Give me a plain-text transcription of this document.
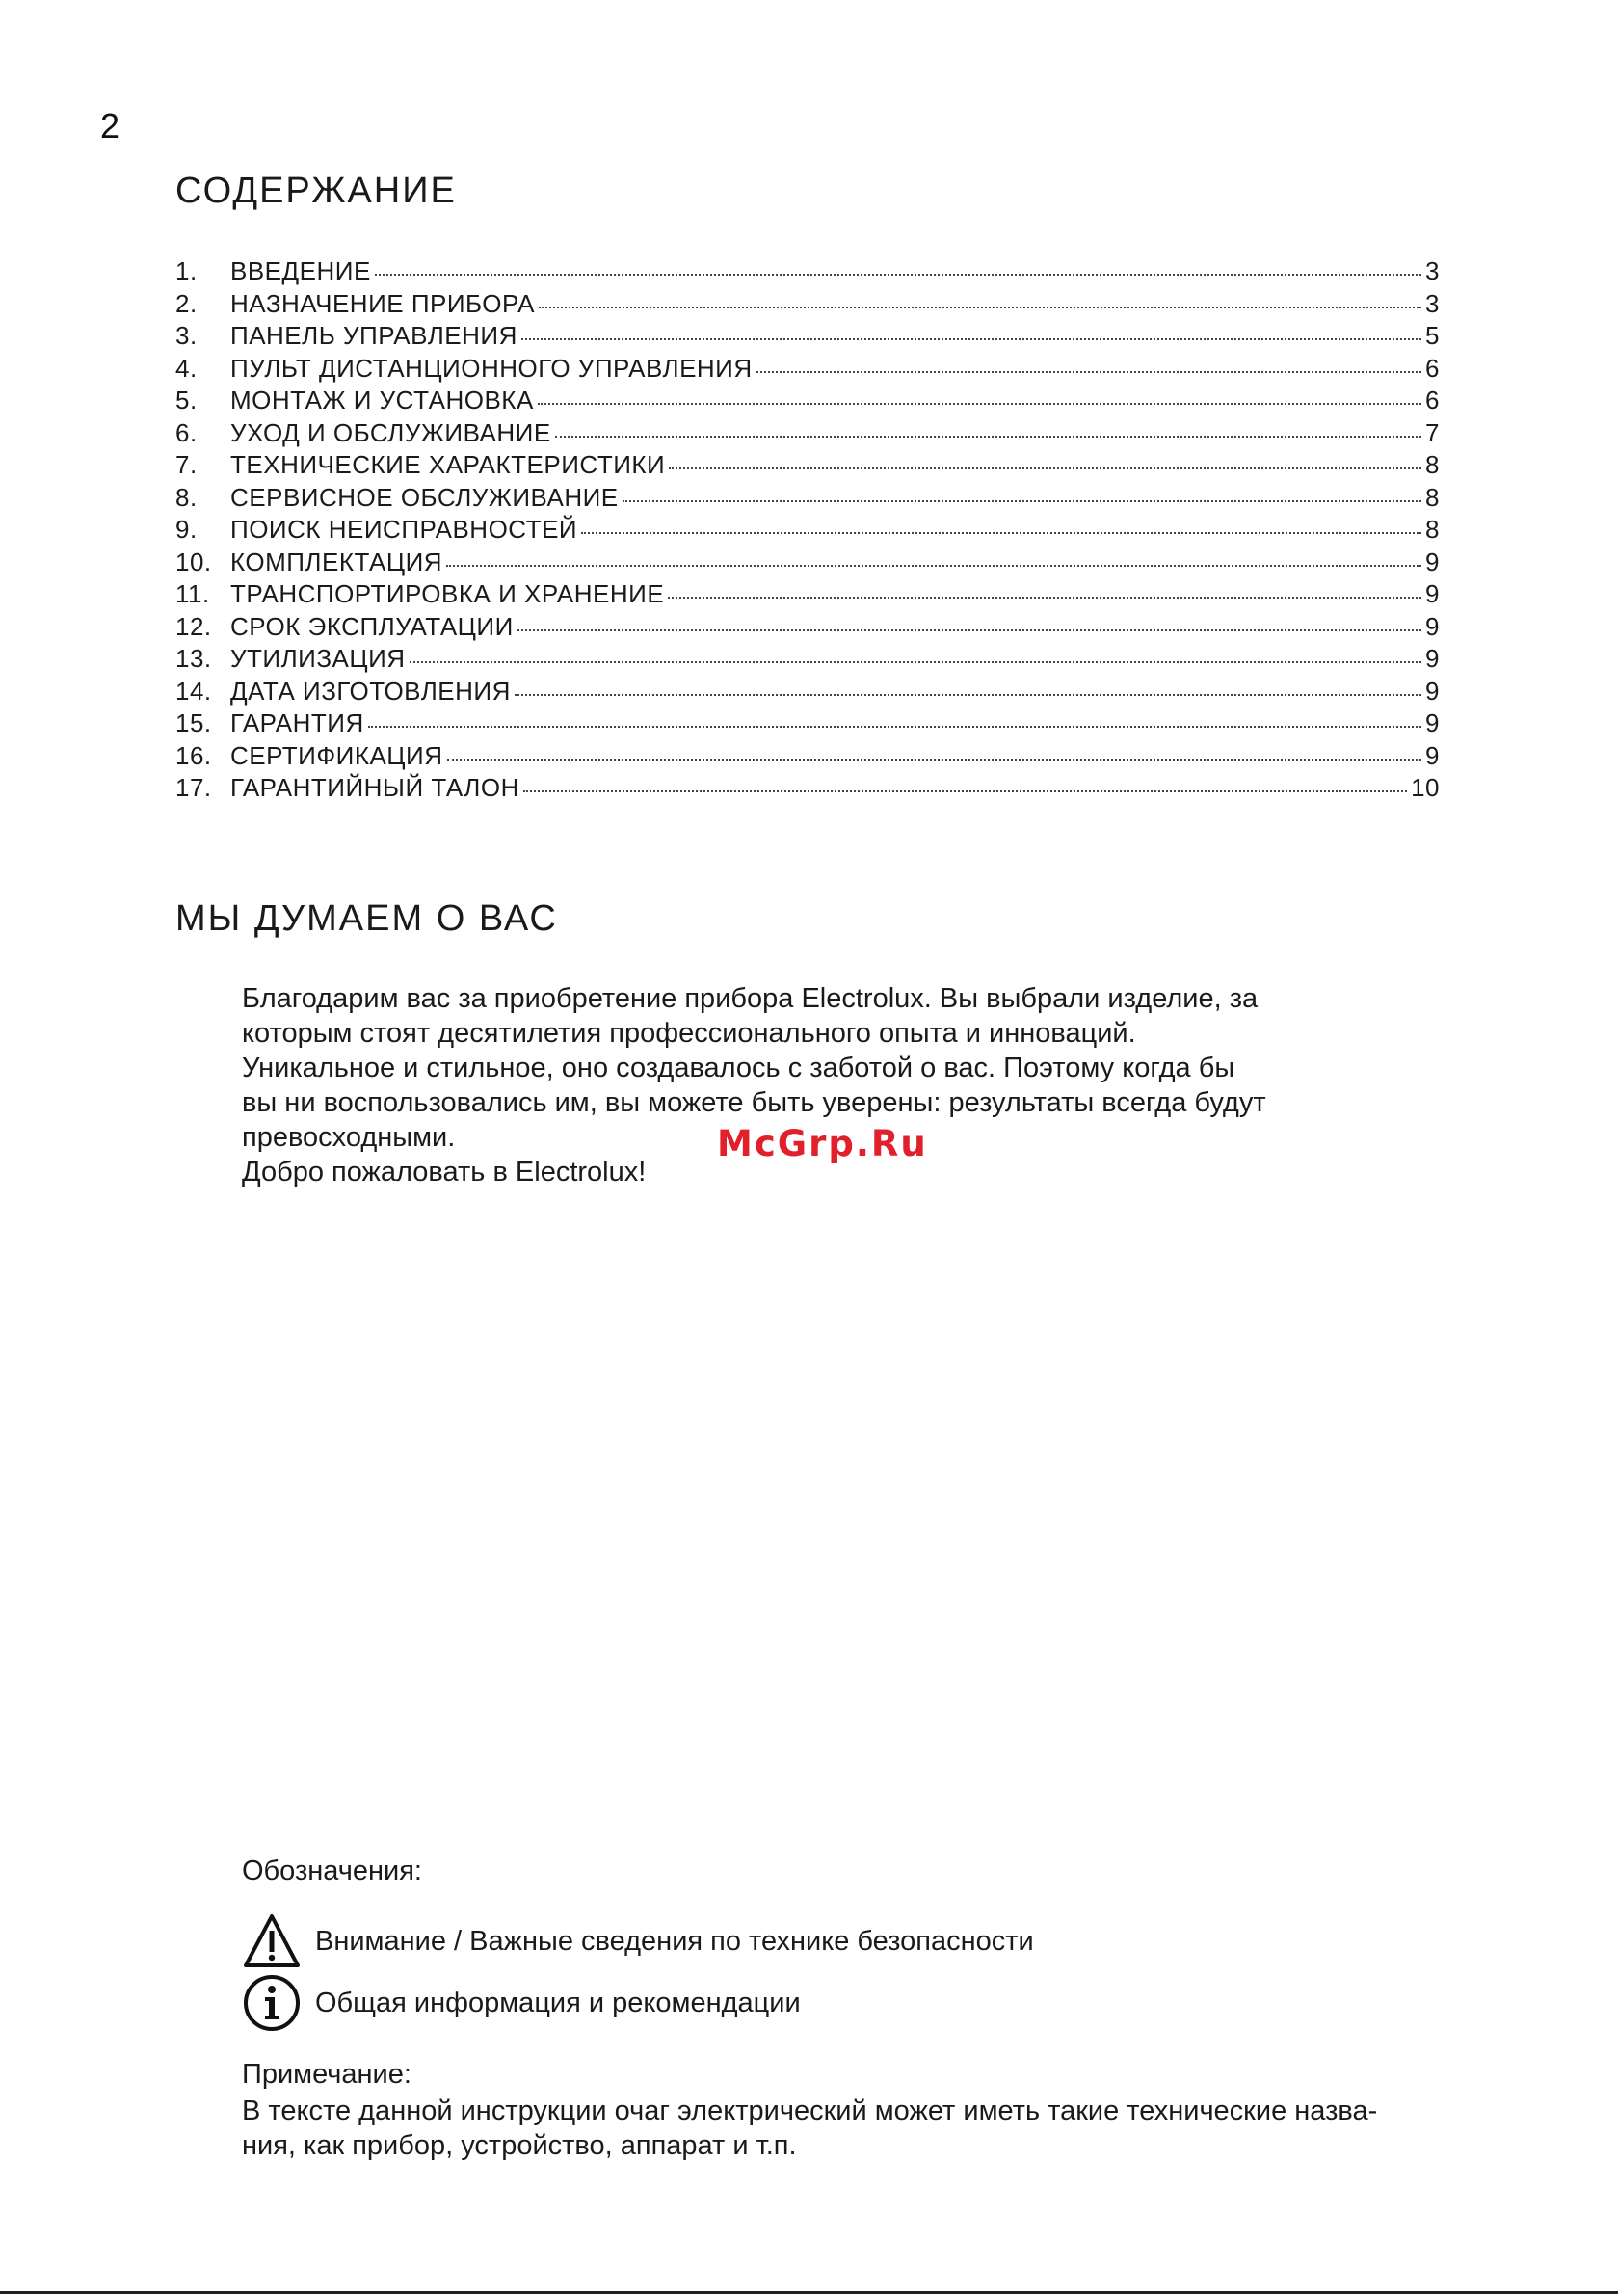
2
СОДЕРЖАНИЕ
1.	ВВЕДЕНИЕ	3
2.	НАЗНАЧЕНИЕ ПРИБОРА	3
3.	ПАНЕЛЬ УПРАВЛЕНИЯ	5
4.	ПУЛЬТ ДИСТАНЦИОННОГО УПРАВЛЕНИЯ	6
5.	МОНТАЖ И УСТАНОВКА	6
6.	УХОД И ОБСЛУЖИВАНИЕ	7
7.	ТЕХНИЧЕСКИЕ ХАРАКТЕРИСТИКИ	8
8.	СЕРВИСНОЕ ОБСЛУЖИВАНИЕ	8
9.	ПОИСК НЕИСПРАВНОСТЕЙ	8
10. КОМПЛЕКТАЦИЯ	9
11. ТРАНСПОРТИРОВКА И ХРАНЕНИЕ	9
12. СРОК ЭКСПЛУАТАЦИИ	9
13. УТИЛИЗАЦИЯ	9
14. ДАТА ИЗГОТОВЛЕНИЯ	9
15. ГАРАНТИЯ	9
16. СЕРТИФИКАЦИЯ	9
17. ГАРАНТИЙНЫЙ ТАЛОН	10
МЫ ДУМАЕМ О ВАС

Благодарим вас за приобретение прибора Electrolux. Вы выбрали изделие, за

которым стоят десятилетия профессионального опыта и инноваций.

Уникальное и стильное, оно создавалось с заботой о вас. Поэтому когда бы

вы ни воспользовались им, вы можете быть уверены: результаты всегда будут

превосходными.

Добро пожаловать в Electrolux!

McGrp.Ru
Обозначения:
Внимание / Важные сведения по технике безопасности
Общая информация и рекомендации
Примечание:
В тексте данной инструкции очаг электрический может иметь такие технические назва-
ния, как прибор, устройство, аппарат и т.п.
